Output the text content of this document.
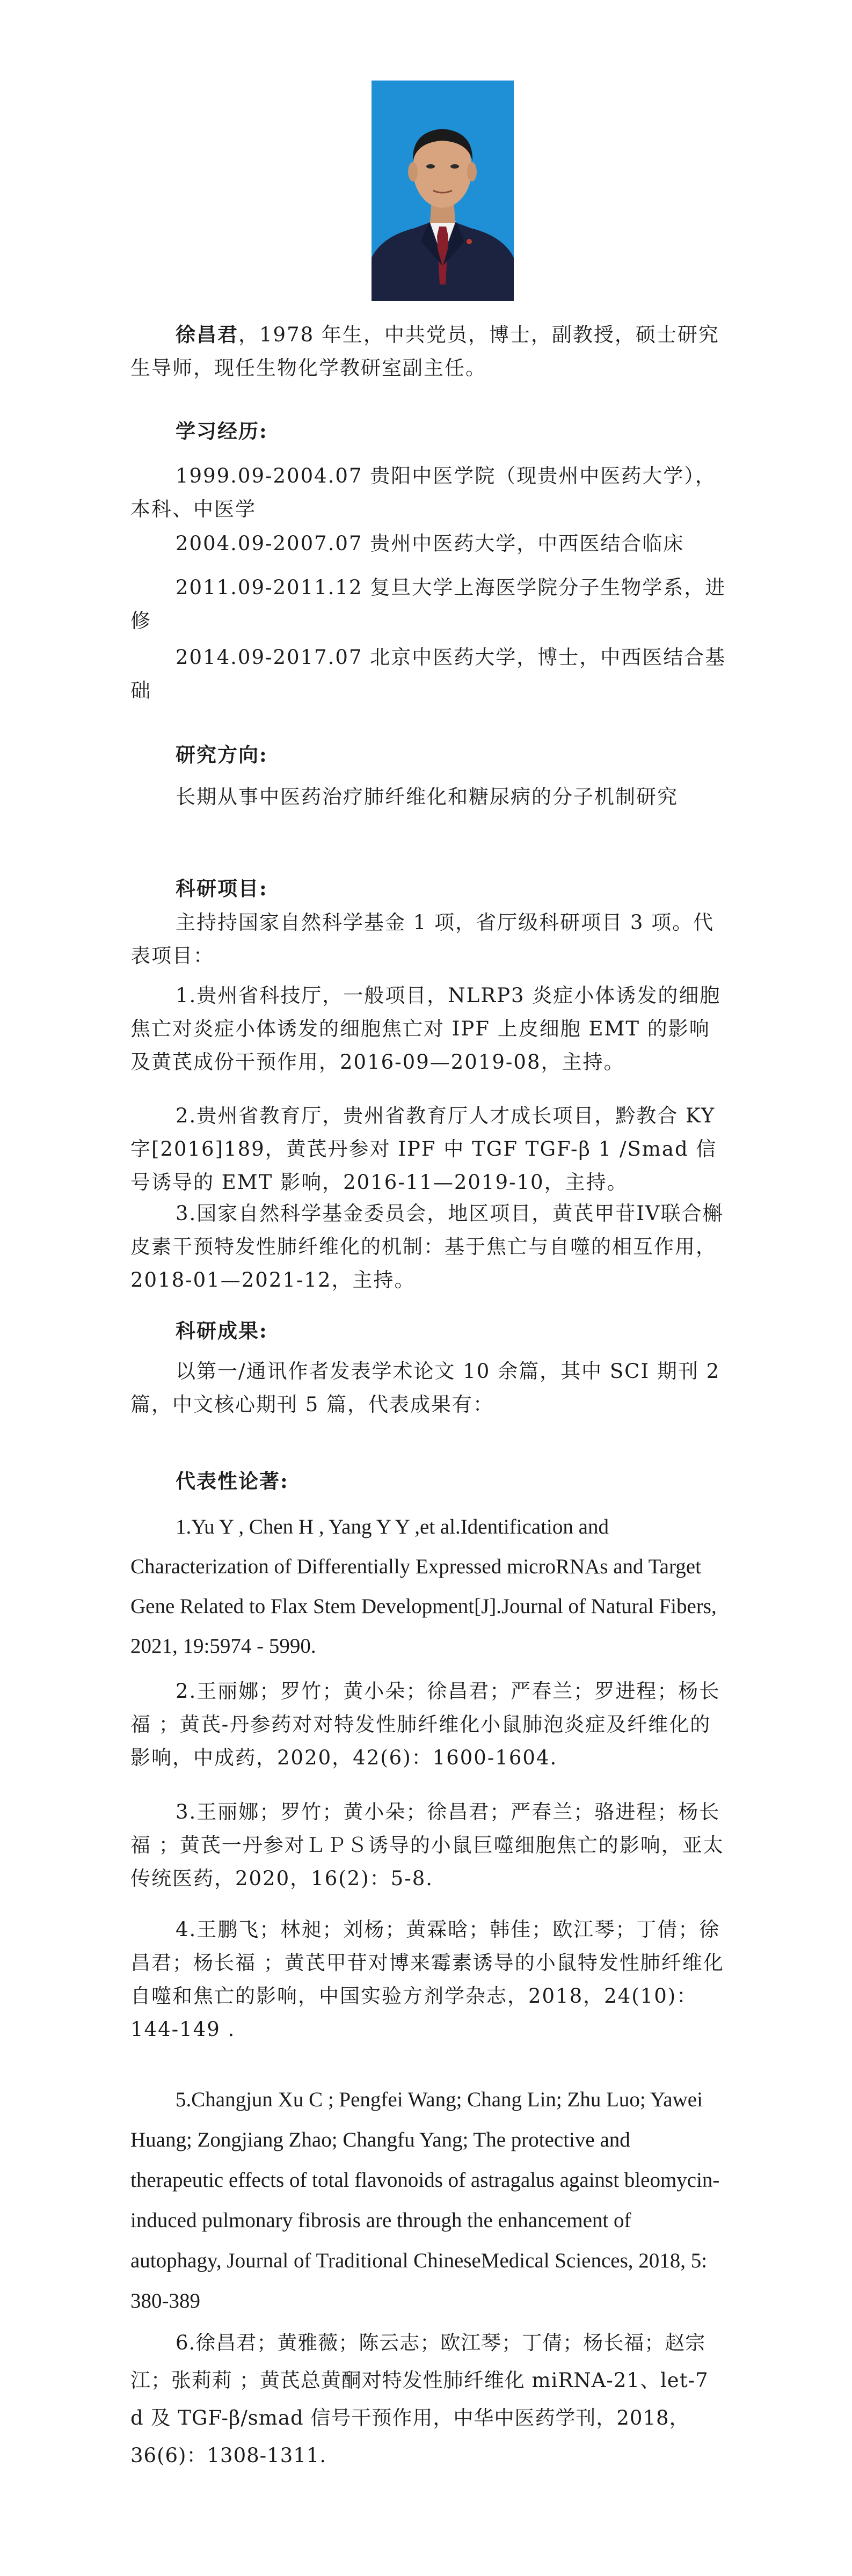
徐昌君，1978 年生，中共党员，博士，副教授，硕士研究生导师，现任生物化学教研室副主任。

学习经历:

1999.09-2004.07 贵阳中医学院（现贵州中医药大学），本科、中医学

2004.09-2007.07 贵州中医药大学，中西医结合临床

2011.09-2011.12 复旦大学上海医学院分子生物学系，进修

2014.09-2017.07 北京中医药大学，博士，中西医结合基础

研究方向:

长期从事中医药治疗肺纤维化和糖尿病的分子机制研究

科研项目:

主持持国家自然科学基金 1 项，省厅级科研项目 3 项。代表项目：

1.贵州省科技厅，一般项目，NLRP3 炎症小体诱发的细胞焦亡对炎症小体诱发的细胞焦亡对 IPF 上皮细胞 EMT 的影响及黄芪成份干预作用，2016-09—2019-08，主持。

2.贵州省教育厅，贵州省教育厅人才成长项目，黔教合 KY 字[2016]189，黄芪丹参对 IPF 中 TGF TGF-β 1 /Smad 信号诱导的 EMT 影响，2016-11—2019-10，主持。

3.国家自然科学基金委员会，地区项目，黄芪甲苷IV联合槲皮素干预特发性肺纤维化的机制：基于焦亡与自噬的相互作用， 2018-01—2021-12，主持。

科研成果:

以第一/通讯作者发表学术论文 10 余篇，其中 SCI 期刊 2 篇，中文核心期刊 5 篇，代表成果有：

代表性论著:

1.Yu Y , Chen H , Yang Y Y ,et al.Identification and Characterization of Differentially Expressed microRNAs and Target Gene Related to Flax Stem Development[J].Journal of Natural Fibers, 2021, 19:5974 - 5990.

2.王丽娜；罗竹；黄小朵；徐昌君；严春兰；罗进程；杨长福 ；黄芪-丹参药对对特发性肺纤维化小鼠肺泡炎症及纤维化的影响，中成药，2020，42(6)：1600-1604.

3.王丽娜；罗竹；黄小朵；徐昌君；严春兰；骆进程；杨长福 ；黄芪一丹参对ＬＰＳ诱导的小鼠巨噬细胞焦亡的影响，亚太传统医药，2020，16(2)：5-8.

4.王鹏飞；林昶；刘杨；黄霖晗；韩佳；欧江琴；丁倩；徐昌君；杨长福 ；黄芪甲苷对博来霉素诱导的小鼠特发性肺纤维化 自噬和焦亡的影响，中国实验方剂学杂志，2018，24(10)：144-149 .

5.Changjun Xu C ; Pengfei Wang; Chang Lin; Zhu Luo; Yawei Huang; Zongjiang Zhao; Changfu Yang; The protective and therapeutic effects of total flavonoids of astragalus against bleomycin- induced pulmonary fibrosis are through the enhancement of autophagy, Journal of Traditional ChineseMedical Sciences, 2018, 5: 380-389

6.徐昌君；黄雅薇；陈云志；欧江琴；丁倩；杨长福；赵宗江；张莉莉 ；黄芪总黄酮对特发性肺纤维化 miRNA-21、let-7 d 及 TGF-β/smad 信号干预作用，中华中医药学刊，2018，36(6)：1308-1311.
